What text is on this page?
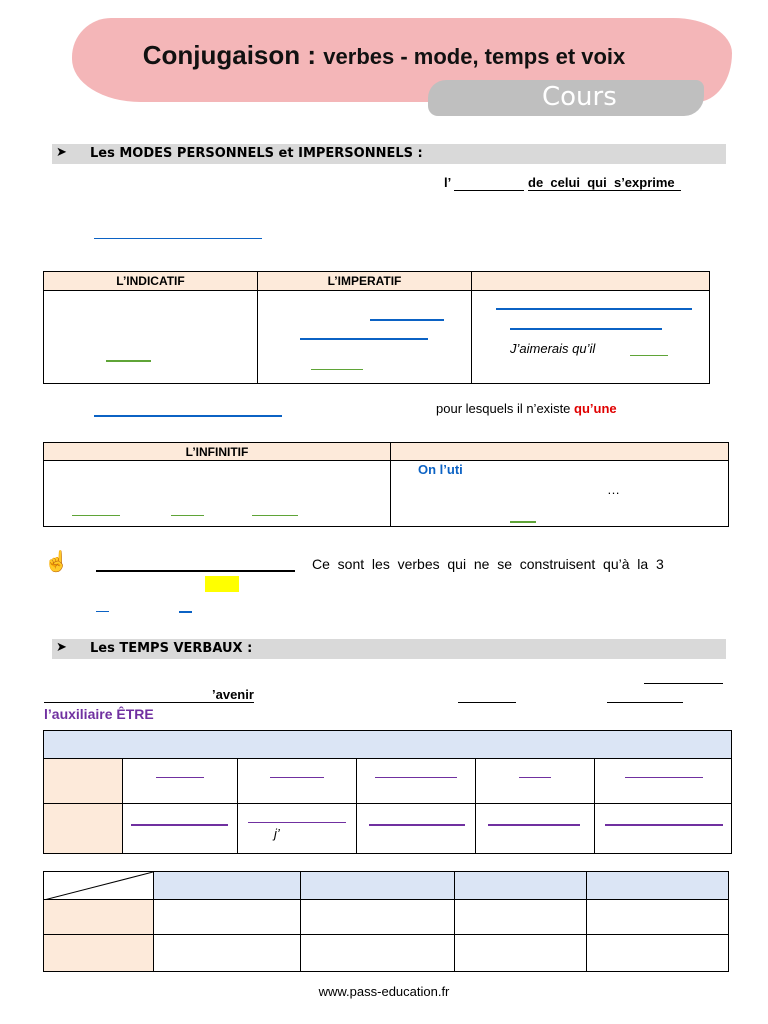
Conjugaison : verbes - mode, temps et voix
Cours
➤ Les MODES PERSONNELS et IMPERSONNELS :
l’	de  celui  qui  s’exprime
L’INDICATIF	L’IMPERATIF	

		J’aimerais qu’il
pour lesquels il n’existe qu’une
L’INFINITIF	

	On l’uti
…
☝	Ce  sont  les  verbes  qui  ne  se  construisent  qu’à  la  3
➤ Les TEMPS VERBAUX :
’avenir
l’auxiliaire ÊTRE

		j’			

www.pass-education.fr
